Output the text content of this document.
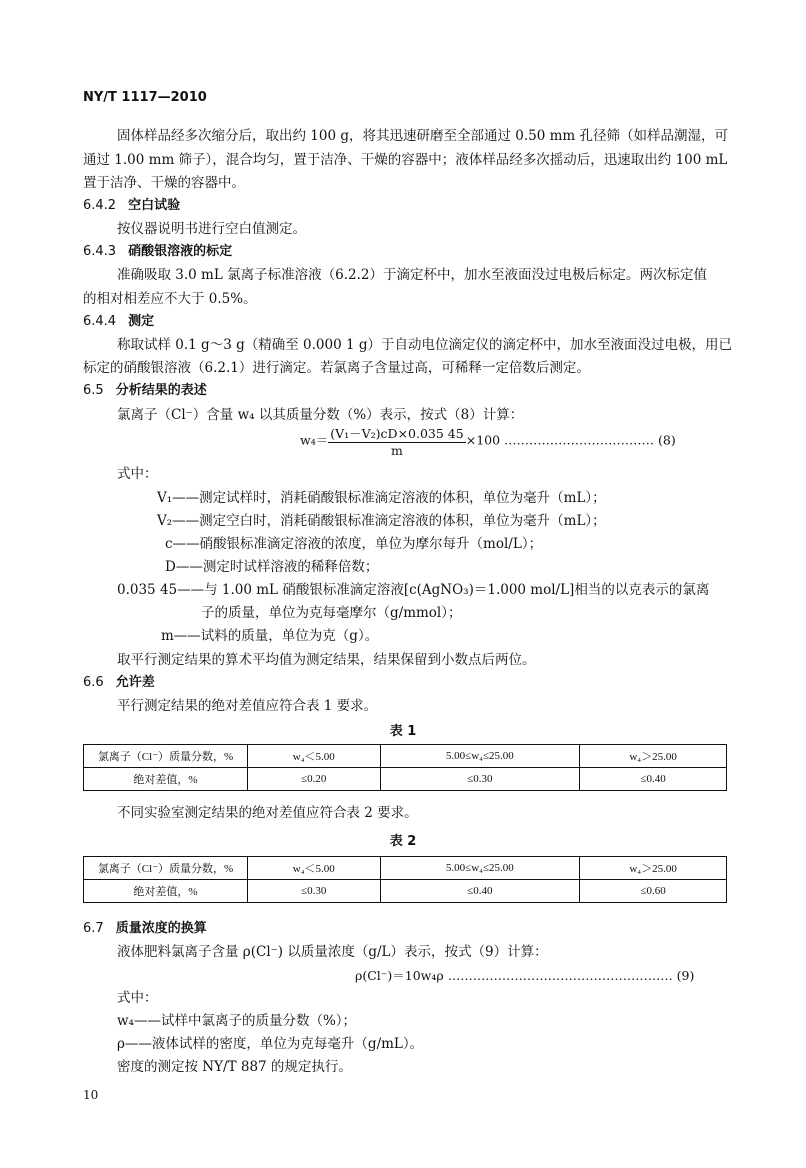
NY/T 1117—2010
固体样品经多次缩分后，取出约 100 g，将其迅速研磨至全部通过 0.50 mm 孔径筛（如样品潮湿，可
通过 1.00 mm 筛子），混合均匀，置于洁净、干燥的容器中；液体样品经多次摇动后，迅速取出约 100 mL
置于洁净、干燥的容器中。
6.4.2 空白试验
按仪器说明书进行空白值测定。
6.4.3 硝酸银溶液的标定
准确吸取 3.0 mL 氯离子标准溶液（6.2.2）于滴定杯中，加水至液面没过电极后标定。两次标定值
的相对相差应不大于 0.5%。
6.4.4 测定
称取试样 0.1 g～3 g（精确至 0.000 1 g）于自动电位滴定仪的滴定杯中，加水至液面没过电极，用已
标定的硝酸银溶液（6.2.1）进行滴定。若氯离子含量过高，可稀释一定倍数后测定。
6.5 分析结果的表述
氯离子（Cl⁻）含量 w₄ 以其质量分数（%）表示，按式（8）计算：
$w_4= \frac{\text{(V₁－V₂)cD×0.035 45}}{m} \times 100$ ……………………………… (8)
式中：
V₁——测定试样时，消耗硝酸银标准滴定溶液的体积，单位为毫升（mL）；
V₂——测定空白时，消耗硝酸银标准滴定溶液的体积，单位为毫升（mL）；
c——硝酸银标准滴定溶液的浓度，单位为摩尔每升（mol/L）；
D——测定时试样溶液的稀释倍数；
0.035 45——与 1.00 mL 硝酸银标准滴定溶液[c(AgNO₃)＝1.000 mol/L]相当的以克表示的氯离
子的质量，单位为克每毫摩尔（g/mmol）；
m——试料的质量，单位为克（g）。
取平行测定结果的算术平均值为测定结果，结果保留到小数点后两位。
6.6 允许差
平行测定结果的绝对差值应符合表 1 要求。
表 1
氯离子（Cl⁻）质量分数，%	w₄＜5.00	5.00≤w₄≤25.00	w₄＞25.00
绝对差值，%	≤0.20	≤0.30	≤0.40
不同实验室测定结果的绝对差值应符合表 2 要求。
表 2
氯离子（Cl⁻）质量分数，%	w₄＜5.00	5.00≤w₄≤25.00	w₄＞25.00
绝对差值，%	≤0.30	≤0.40	≤0.60
6.7 质量浓度的换算
液体肥料氯离子含量 ρ(Cl⁻) 以质量浓度（g/L）表示，按式（9）计算：
ρ(Cl⁻)＝10w₄ρ ……………………………………………… (9)
式中：
w₄——试样中氯离子的质量分数（%）；
ρ——液体试样的密度，单位为克每毫升（g/mL）。
密度的测定按 NY/T 887 的规定执行。
10
